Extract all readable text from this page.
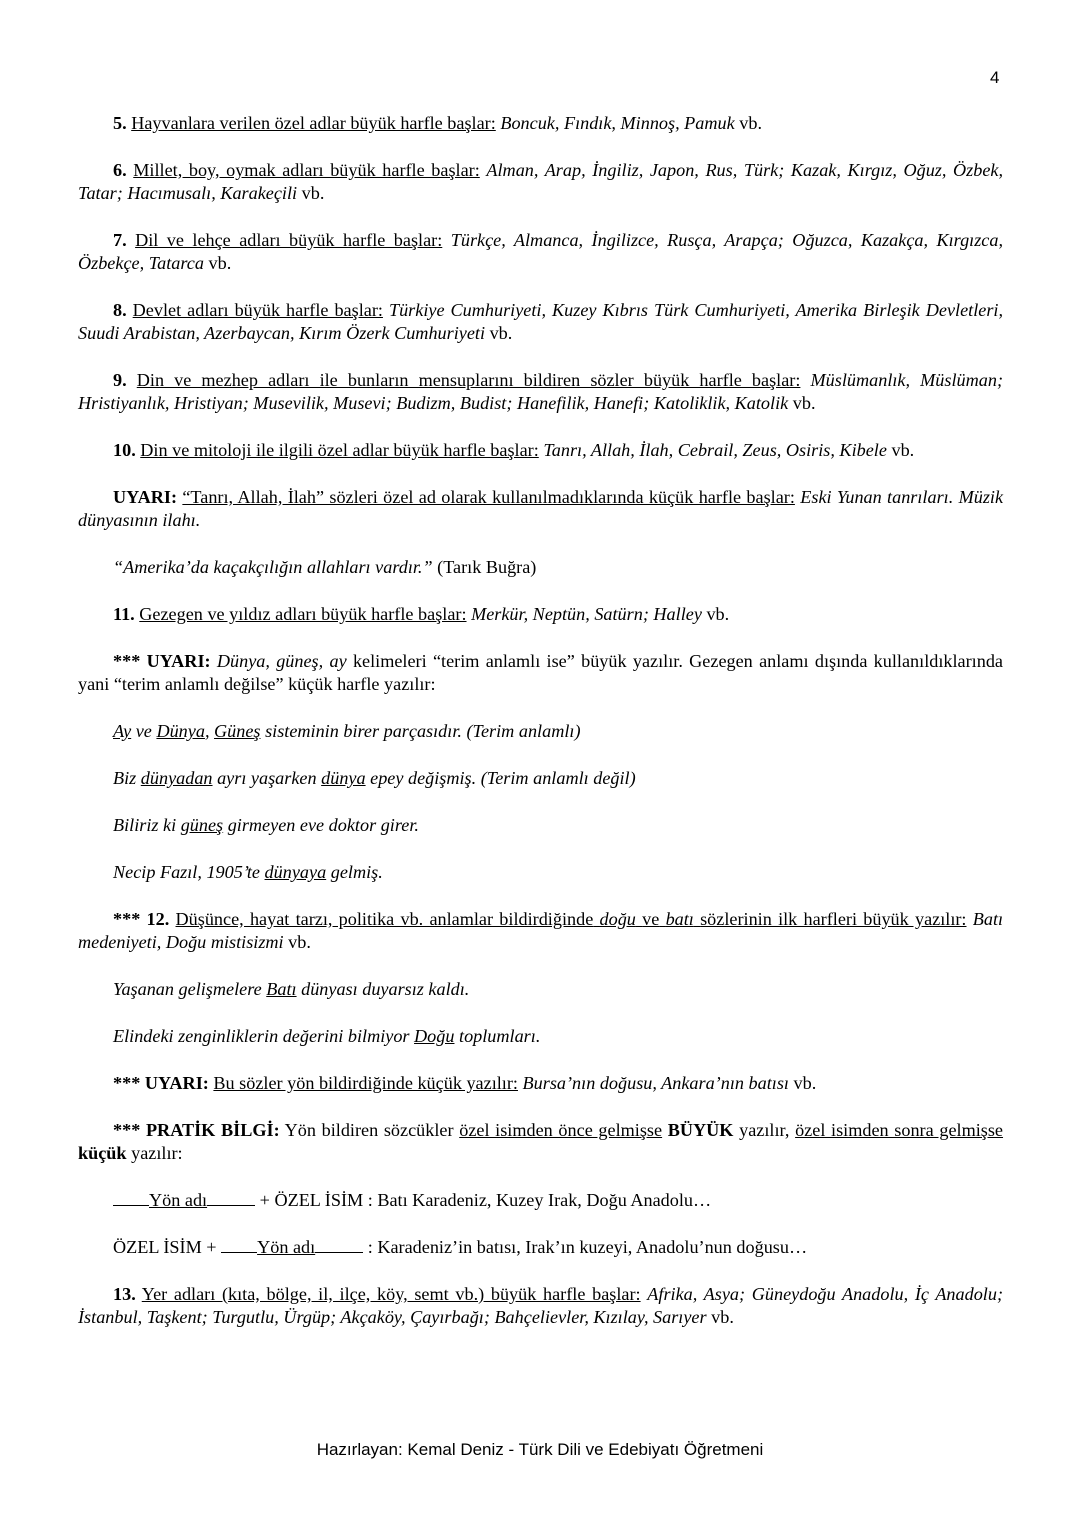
4

5. Hayvanlara verilen özel adlar büyük harfle başlar: Boncuk, Fındık, Minnoş, Pamuk vb.

6. Millet, boy, oymak adları büyük harfle başlar: Alman, Arap, İngiliz, Japon, Rus, Türk; Kazak, Kırgız, Oğuz, Özbek, Tatar; Hacımusalı, Karakeçili vb.

7. Dil ve lehçe adları büyük harfle başlar: Türkçe, Almanca, İngilizce, Rusça, Arapça; Oğuzca, Kazakça, Kırgızca, Özbekçe, Tatarca vb.

8. Devlet adları büyük harfle başlar: Türkiye Cumhuriyeti, Kuzey Kıbrıs Türk Cumhuriyeti, Amerika Birleşik Devletleri, Suudi Arabistan, Azerbaycan, Kırım Özerk Cumhuriyeti vb.

9. Din ve mezhep adları ile bunların mensuplarını bildiren sözler büyük harfle başlar: Müslümanlık, Müslüman; Hristiyanlık, Hristiyan; Musevilik, Musevi; Budizm, Budist; Hanefilik, Hanefi; Katoliklik, Katolik vb.

10. Din ve mitoloji ile ilgili özel adlar büyük harfle başlar: Tanrı, Allah, İlah, Cebrail, Zeus, Osiris, Kibele vb.

UYARI: “Tanrı, Allah, İlah” sözleri özel ad olarak kullanılmadıklarında küçük harfle başlar: Eski Yunan tanrıları. Müzik dünyasının ilahı.

“Amerika’da kaçakçılığın allahları vardır.” (Tarık Buğra)

11. Gezegen ve yıldız adları büyük harfle başlar: Merkür, Neptün, Satürn; Halley vb.

*** UYARI: Dünya, güneş, ay kelimeleri “terim anlamlı ise” büyük yazılır. Gezegen anlamı dışında kullanıldıklarında yani “terim anlamlı değilse” küçük harfle yazılır:

Ay ve Dünya, Güneş sisteminin birer parçasıdır. (Terim anlamlı)

Biz dünyadan ayrı yaşarken dünya epey değişmiş. (Terim anlamlı değil)

Biliriz ki güneş girmeyen eve doktor girer.

Necip Fazıl, 1905’te dünyaya gelmiş.

*** 12. Düşünce, hayat tarzı, politika vb. anlamlar bildirdiğinde doğu ve batı sözlerinin ilk harfleri büyük yazılır: Batı medeniyeti, Doğu mistisizmi vb.

Yaşanan gelişmelere Batı dünyası duyarsız kaldı.

Elindeki zenginliklerin değerini bilmiyor Doğu toplumları.

*** UYARI: Bu sözler yön bildirdiğinde küçük yazılır: Bursa’nın doğusu, Ankara’nın batısı vb.

*** PRATİK BİLGİ: Yön bildiren sözcükler özel isimden önce gelmişse BÜYÜK yazılır, özel isimden sonra gelmişse küçük yazılır:

Yön adı	+ ÖZEL İSİM : Batı Karadeniz, Kuzey Irak, Doğu Anadolu…

ÖZEL İSİM + Yön adı	: Karadeniz’in batısı, Irak’ın kuzeyi, Anadolu’nun doğusu…

13. Yer adları (kıta, bölge, il, ilçe, köy, semt vb.) büyük harfle başlar: Afrika, Asya; Güneydoğu Anadolu, İç Anadolu; İstanbul, Taşkent; Turgutlu, Ürgüp; Akçaköy, Çayırbağı; Bahçelievler, Kızılay, Sarıyer vb.

Hazırlayan: Kemal Deniz - Türk Dili ve Edebiyatı Öğretmeni
